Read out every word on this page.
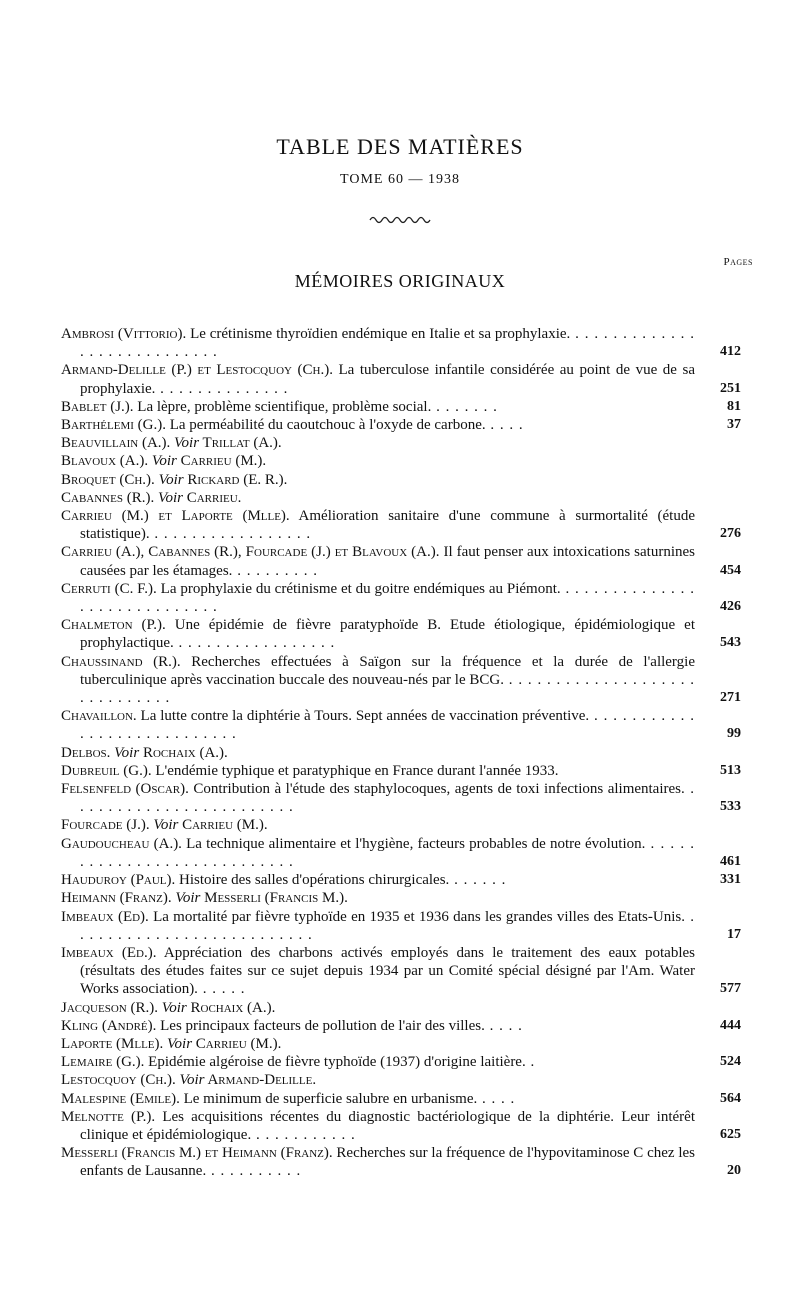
TABLE DES MATIÈRES
TOME 60 — 1938
Pages
MÉMOIRES ORIGINAUX
Ambrosi (Vittorio). Le crétinisme thyroïdien endémique en Italie et sa prophylaxie. . . . . . . . . . . . . . . . . . . . . . . . . . . . .	412
Armand-Delille (P.) et Lestocquoy (Ch.). La tuberculose infantile considérée au point de vue de sa prophylaxie. . . . . . . . . . . . . . .	251
Bablet (J.). La lèpre, problème scientifique, problème social. . . . . . . .	81
Barthélemi (G.). La perméabilité du caoutchouc à l'oxyde de carbone. . . . .	37
Beauvillain (A.). Voir Trillat (A.).
Blavoux (A.). Voir Carrieu (M.).
Broquet (Ch.). Voir Rickard (E. R.).
Cabannes (R.). Voir Carrieu.
Carrieu (M.) et Laporte (Mlle). Amélioration sanitaire d'une commune à surmortalité (étude statistique). . . . . . . . . . . . . . . . . .	276
Carrieu (A.), Cabannes (R.), Fourcade (J.) et Blavoux (A.). Il faut penser aux intoxications saturnines causées par les étamages. . . . . . . . . .	454
Cerruti (C. F.). La prophylaxie du crétinisme et du goitre endémiques au Piémont. . . . . . . . . . . . . . . . . . . . . . . . . . . . . .	426
Chalmeton (P.). Une épidémie de fièvre paratyphoïde B. Etude étiologique, épidémiologique et prophylactique. . . . . . . . . . . . . . . . . .	543
Chaussinand (R.). Recherches effectuées à Saïgon sur la fréquence et la durée de l'allergie tuberculinique après vaccination buccale des nouveau-nés par le BCG. . . . . . . . . . . . . . . . . . . . . . . . . . . . . . .	271
Chavaillon. La lutte contre la diphtérie à Tours. Sept années de vaccination préventive. . . . . . . . . . . . . . . . . . . . . . . . . . . . .	99
Delbos. Voir Rochaix (A.).
Dubreuil (G.). L'endémie typhique et paratyphique en France durant l'année 1933.	513
Felsenfeld (Oscar). Contribution à l'étude des staphylocoques, agents de toxi infections alimentaires. . . . . . . . . . . . . . . . . . . . . . . . .	533
Fourcade (J.). Voir Carrieu (M.).
Gaudoucheau (A.). La technique alimentaire et l'hygiène, facteurs probables de notre évolution. . . . . . . . . . . . . . . . . . . . . . . . . . . . .	461
Hauduroy (Paul). Histoire des salles d'opérations chirurgicales. . . . . . .	331
Heimann (Franz). Voir Messerli (Francis M.).
Imbeaux (Ed). La mortalité par fièvre typhoïde en 1935 et 1936 dans les grandes villes des Etats-Unis. . . . . . . . . . . . . . . . . . . . . . . . . . .	17
Imbeaux (Ed.). Appréciation des charbons activés employés dans le traitement des eaux potables (résultats des études faites sur ce sujet depuis 1934 par un Comité spécial désigné par l'Am. Water Works association). . . . . .	577
Jacqueson (R.). Voir Rochaix (A.).
Kling (André). Les principaux facteurs de pollution de l'air des villes. . . . .	444
Laporte (Mlle). Voir Carrieu (M.).
Lemaire (G.). Epidémie algéroise de fièvre typhoïde (1937) d'origine laitière. .	524
Lestocquoy (Ch.). Voir Armand-Delille.
Malespine (Emile). Le minimum de superficie salubre en urbanisme. . . . .	564
Melnotte (P.). Les acquisitions récentes du diagnostic bactériologique de la diphtérie. Leur intérêt clinique et épidémiologique. . . . . . . . . . . .	625
Messerli (Francis M.) et Heimann (Franz). Recherches sur la fréquence de l'hypovitaminose C chez les enfants de Lausanne. . . . . . . . . . .	20
